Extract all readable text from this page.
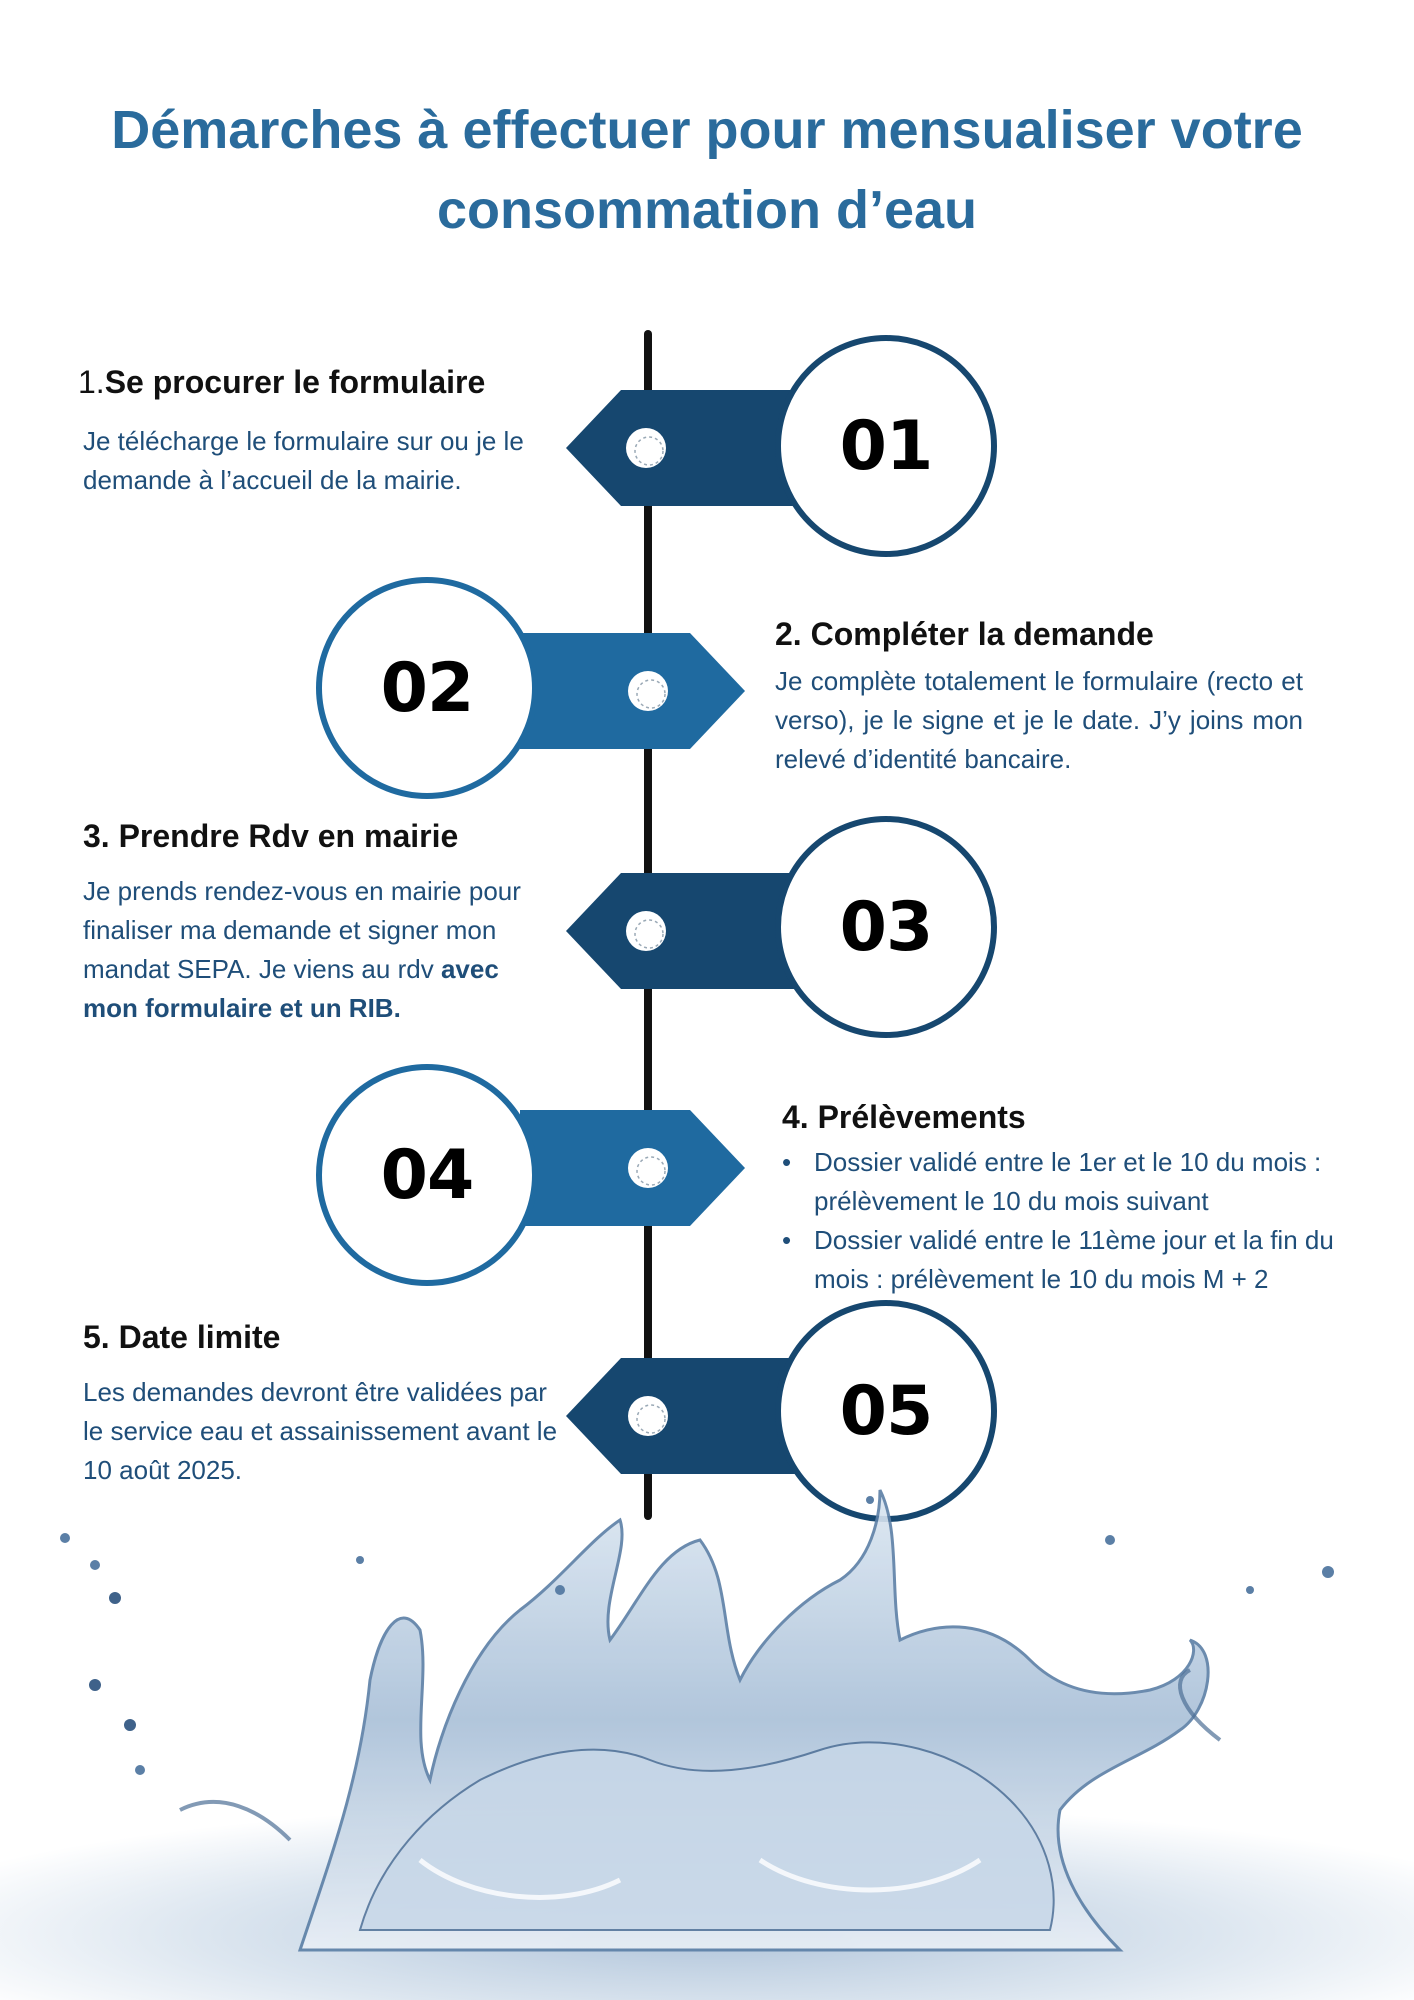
Démarches à effectuer pour mensualiser votre
consommation d’eau
01
02
03
04
05
1.Se procurer le formulaire

Je télécharge le formulaire sur ou je le demande à l’accueil de la mairie.

2. Compléter la demande

Je complète totalement le formulaire (recto et verso), je le signe et je le date. J’y joins mon relevé d’identité bancaire.

3. Prendre Rdv en mairie

Je prends rendez-vous en mairie pour finaliser ma demande et signer mon mandat SEPA. Je viens au rdv avec mon formulaire et un RIB.

4. Prélèvements
• Dossier validé entre le 1er et le 10 du mois : prélèvement le 10 du mois suivant
• Dossier validé entre le 11ème jour et la fin du mois : prélèvement le 10 du mois M + 2
5. Date limite

Les demandes devront être validées par le service eau et assainissement avant le 10 août 2025.
